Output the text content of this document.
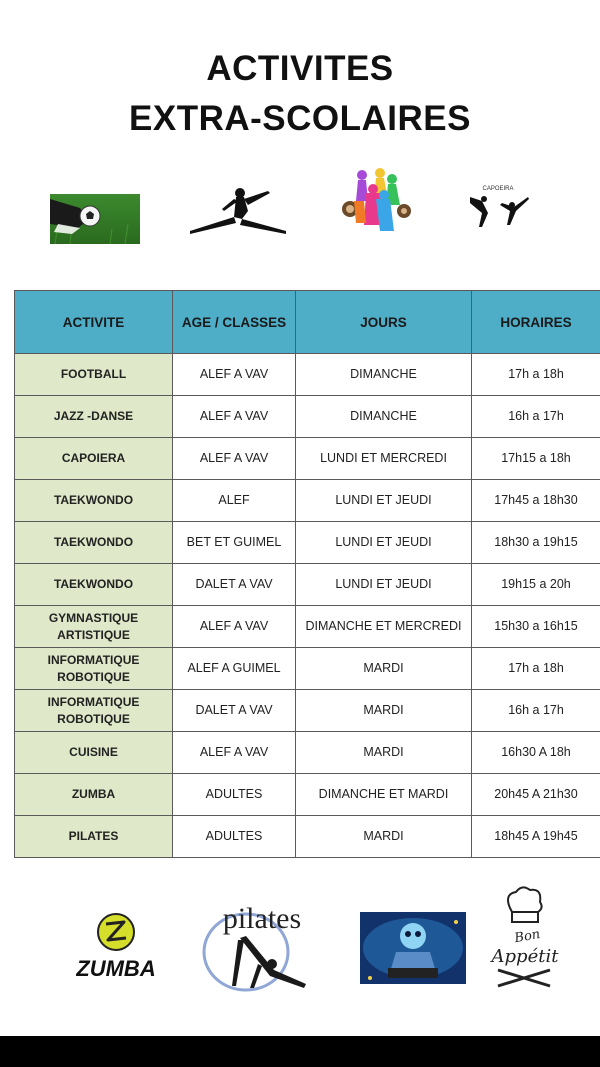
ACTIVITES
EXTRA-SCOLAIRES
CAPOEIRA
ACTIVITE	AGE / CLASSES	JOURS	HORAIRES
FOOTBALL	ALEF A VAV	DIMANCHE	17h a 18h
JAZZ -DANSE	ALEF A VAV	DIMANCHE	16h a 17h
CAPOIERA	ALEF A VAV	LUNDI ET MERCREDI	17h15 a 18h
TAEKWONDO	ALEF	LUNDI ET JEUDI	17h45 a 18h30
TAEKWONDO	BET ET GUIMEL	LUNDI ET JEUDI	18h30 a 19h15
TAEKWONDO	DALET A VAV	LUNDI ET JEUDI	19h15 a 20h
GYMNASTIQUE ARTISTIQUE	ALEF A VAV	DIMANCHE ET MERCREDI	15h30 a 16h15
INFORMATIQUE ROBOTIQUE	ALEF A GUIMEL	MARDI	17h a 18h
INFORMATIQUE ROBOTIQUE	DALET A VAV	MARDI	16h a 17h
CUISINE	ALEF A VAV	MARDI	16h30 A 18h
ZUMBA	ADULTES	DIMANCHE ET MARDI	20h45 A 21h30
PILATES	ADULTES	MARDI	18h45 A 19h45
ZUMBA
pilates
Bon
Appétit
